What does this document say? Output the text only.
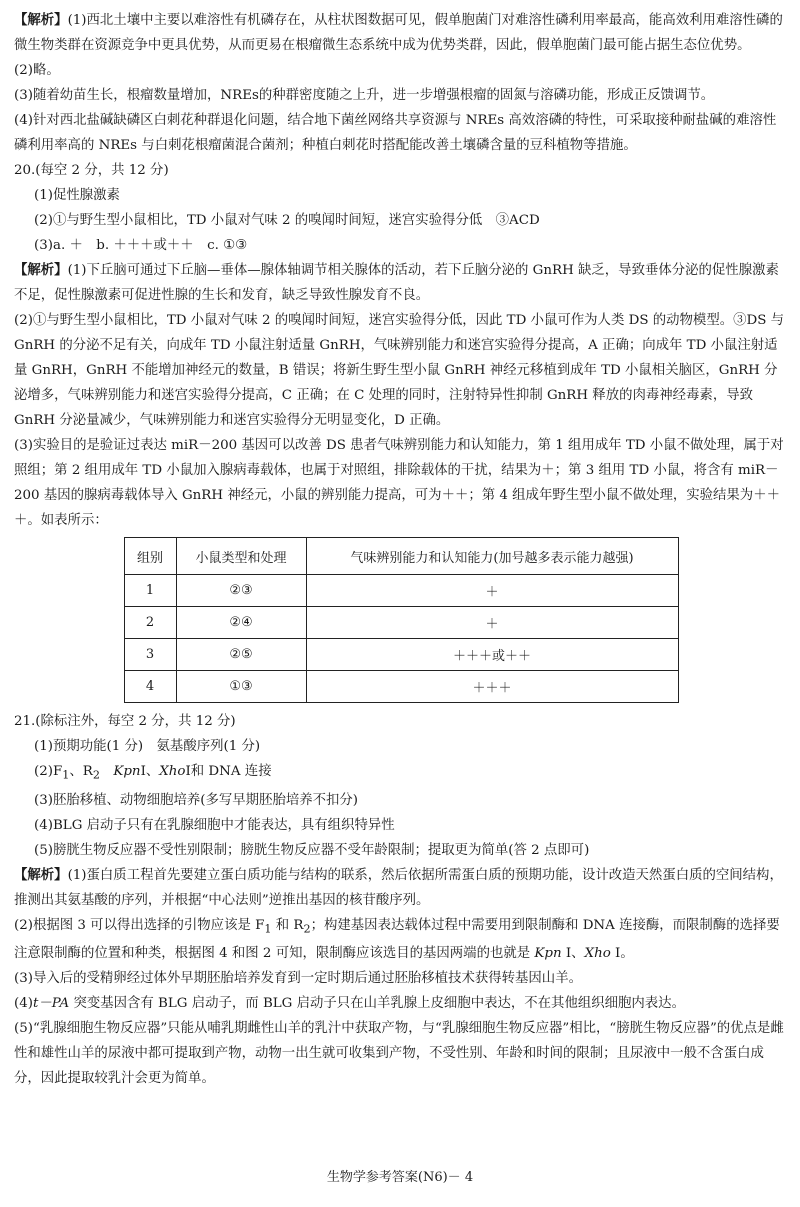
【解析】(1)西北土壤中主要以难溶性有机磷存在，从柱状图数据可见，假单胞菌门对难溶性磷利用率最高，能高效利用难溶性磷的微生物类群在资源竞争中更具优势，从而更易在根瘤微生态系统中成为优势类群，因此，假单胞菌门最可能占据生态位优势。

(2)略。

(3)随着幼苗生长，根瘤数量增加，NREs的种群密度随之上升，进一步增强根瘤的固氮与溶磷功能，形成正反馈调节。

(4)针对西北盐碱缺磷区白刺花种群退化问题，结合地下菌丝网络共享资源与 NREs 高效溶磷的特性，可采取接种耐盐碱的难溶性磷利用率高的 NREs 与白刺花根瘤菌混合菌剂；种植白刺花时搭配能改善土壤磷含量的豆科植物等措施。

20.(每空 2 分，共 12 分)

(1)促性腺激素

(2)①与野生型小鼠相比，TD 小鼠对气味 2 的嗅闻时间短，迷宫实验得分低　③ACD

(3)a. ＋　b. ＋＋＋或＋＋　c. ①③

【解析】(1)下丘脑可通过下丘脑—垂体—腺体轴调节相关腺体的活动，若下丘脑分泌的 GnRH 缺乏，导致垂体分泌的促性腺激素不足，促性腺激素可促进性腺的生长和发育，缺乏导致性腺发育不良。

(2)①与野生型小鼠相比，TD 小鼠对气味 2 的嗅闻时间短，迷宫实验得分低，因此 TD 小鼠可作为人类 DS 的动物模型。③DS 与 GnRH 的分泌不足有关，向成年 TD 小鼠注射适量 GnRH，气味辨别能力和迷宫实验得分提高，A 正确；向成年 TD 小鼠注射适量 GnRH，GnRH 不能增加神经元的数量，B 错误；将新生野生型小鼠 GnRH 神经元移植到成年 TD 小鼠相关脑区，GnRH 分泌增多，气味辨别能力和迷宫实验得分提高，C 正确；在 C 处理的同时，注射特异性抑制 GnRH 释放的肉毒神经毒素，导致 GnRH 分泌量减少，气味辨别能力和迷宫实验得分无明显变化，D 正确。

(3)实验目的是验证过表达 miR－200 基因可以改善 DS 患者气味辨别能力和认知能力，第 1 组用成年 TD 小鼠不做处理，属于对照组；第 2 组用成年 TD 小鼠加入腺病毒载体，也属于对照组，排除载体的干扰，结果为＋；第 3 组用 TD 小鼠，将含有 miR－200 基因的腺病毒载体导入 GnRH 神经元，小鼠的辨别能力提高，可为＋＋；第 4 组成年野生型小鼠不做处理，实验结果为＋＋＋。如表所示：

组别	小鼠类型和处理	气味辨别能力和认知能力(加号越多表示能力越强)
1	②③	＋
2	②④	＋
3	②⑤	＋＋＋或＋＋
4	①③	＋＋＋

21.(除标注外，每空 2 分，共 12 分)

(1)预期功能(1 分)　氨基酸序列(1 分)

$(2)F_1$、$R_2$　 KpnⅠ、XhoⅠ和 DNA 连接

(3)胚胎移植、动物细胞培养(多写早期胚胎培养不扣分)

(4)BLG 启动子只有在乳腺细胞中才能表达，具有组织特异性

(5)膀胱生物反应器不受性别限制；膀胱生物反应器不受年龄限制；提取更为简单(答 2 点即可)

【解析】(1)蛋白质工程首先要建立蛋白质功能与结构的联系，然后依据所需蛋白质的预期功能，设计改造天然蛋白质的空间结构，推测出其氨基酸的序列，并根据“中心法则”逆推出基因的核苷酸序列。

(2)根据图 3 可以得出选择的引物应该是 $F_1$ 和 $R_2$；构建基因表达载体过程中需要用到限制酶和 DNA 连接酶，而限制酶的选择要注意限制酶的位置和种类，根据图 4 和图 2 可知，限制酶应该选目的基因两端的也就是 Kpn Ⅰ、Xho Ⅰ。

(3)导入后的受精卵经过体外早期胚胎培养发育到一定时期后通过胚胎移植技术获得转基因山羊。

(4)t－PA 突变基因含有 BLG 启动子，而 BLG 启动子只在山羊乳腺上皮细胞中表达，不在其他组织细胞内表达。

(5)“乳腺细胞生物反应器”只能从哺乳期雌性山羊的乳汁中获取产物，与“乳腺细胞生物反应器”相比，“膀胱生物反应器”的优点是雌性和雄性山羊的尿液中都可提取到产物，动物一出生就可收集到产物，不受性别、年龄和时间的限制；且尿液中一般不含蛋白成分，因此提取较乳汁会更为简单。

生物学参考答案(N6)－ 4
